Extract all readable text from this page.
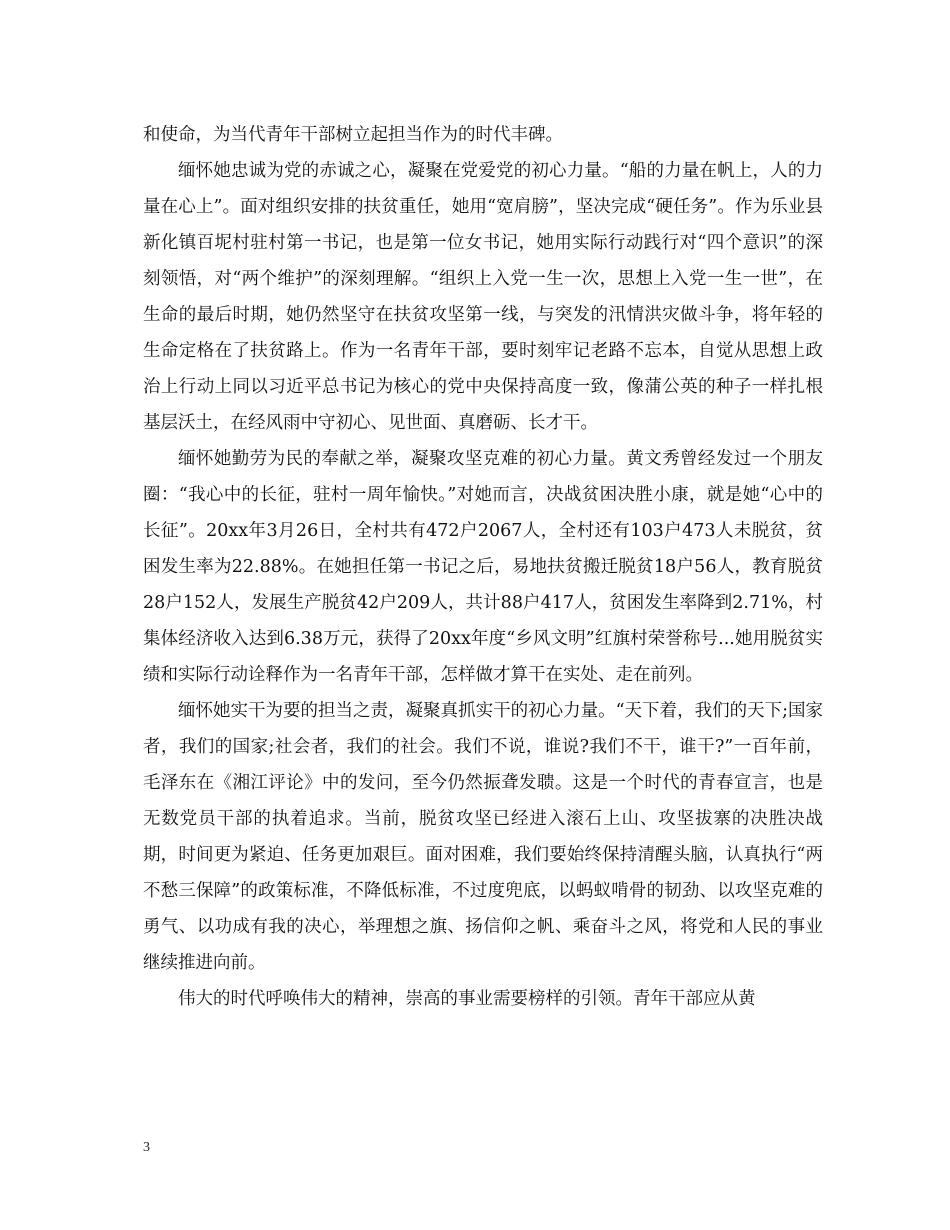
和使命，为当代青年干部树立起担当作为的时代丰碑。

缅怀她忠诚为党的赤诚之心，凝聚在党爱党的初心力量。“船的力量在帆上，人的力量在心上”。面对组织安排的扶贫重任，她用“宽肩膀”，坚决完成“硬任务”。作为乐业县新化镇百坭村驻村第一书记，也是第一位女书记，她用实际行动践行对“四个意识”的深刻领悟，对“两个维护”的深刻理解。“组织上入党一生一次，思想上入党一生一世”，在生命的最后时期，她仍然坚守在扶贫攻坚第一线，与突发的汛情洪灾做斗争，将年轻的生命定格在了扶贫路上。作为一名青年干部，要时刻牢记老路不忘本，自觉从思想上政治上行动上同以习近平总书记为核心的党中央保持高度一致，像蒲公英的种子一样扎根基层沃土，在经风雨中守初心、见世面、真磨砺、长才干。

缅怀她勤劳为民的奉献之举，凝聚攻坚克难的初心力量。黄文秀曾经发过一个朋友圈：“我心中的长征，驻村一周年愉快。”对她而言，决战贫困决胜小康，就是她“心中的长征”。20xx年3月26日，全村共有472户2067人，全村还有103户473人未脱贫，贫困发生率为22.88%。在她担任第一书记之后，易地扶贫搬迁脱贫18户56人，教育脱贫28户152人，发展生产脱贫42户209人，共计88户417人，贫困发生率降到2.71%，村集体经济收入达到6.38万元，获得了20xx年度“乡风文明”红旗村荣誉称号...她用脱贫实绩和实际行动诠释作为一名青年干部，怎样做才算干在实处、走在前列。

缅怀她实干为要的担当之责，凝聚真抓实干的初心力量。“天下着，我们的天下;国家者，我们的国家;社会者，我们的社会。我们不说，谁说?我们不干，谁干?”一百年前，毛泽东在《湘江评论》中的发问，至今仍然振聋发聩。这是一个时代的青春宣言，也是无数党员干部的执着追求。当前，脱贫攻坚已经进入滚石上山、攻坚拔寨的决胜决战期，时间更为紧迫、任务更加艰巨。面对困难，我们要始终保持清醒头脑，认真执行“两不愁三保障”的政策标准，不降低标准，不过度兜底，以蚂蚁啃骨的韧劲、以攻坚克难的勇气、以功成有我的决心，举理想之旗、扬信仰之帆、乘奋斗之风，将党和人民的事业继续推进向前。

伟大的时代呼唤伟大的精神，崇高的事业需要榜样的引领。青年干部应从黄

3
